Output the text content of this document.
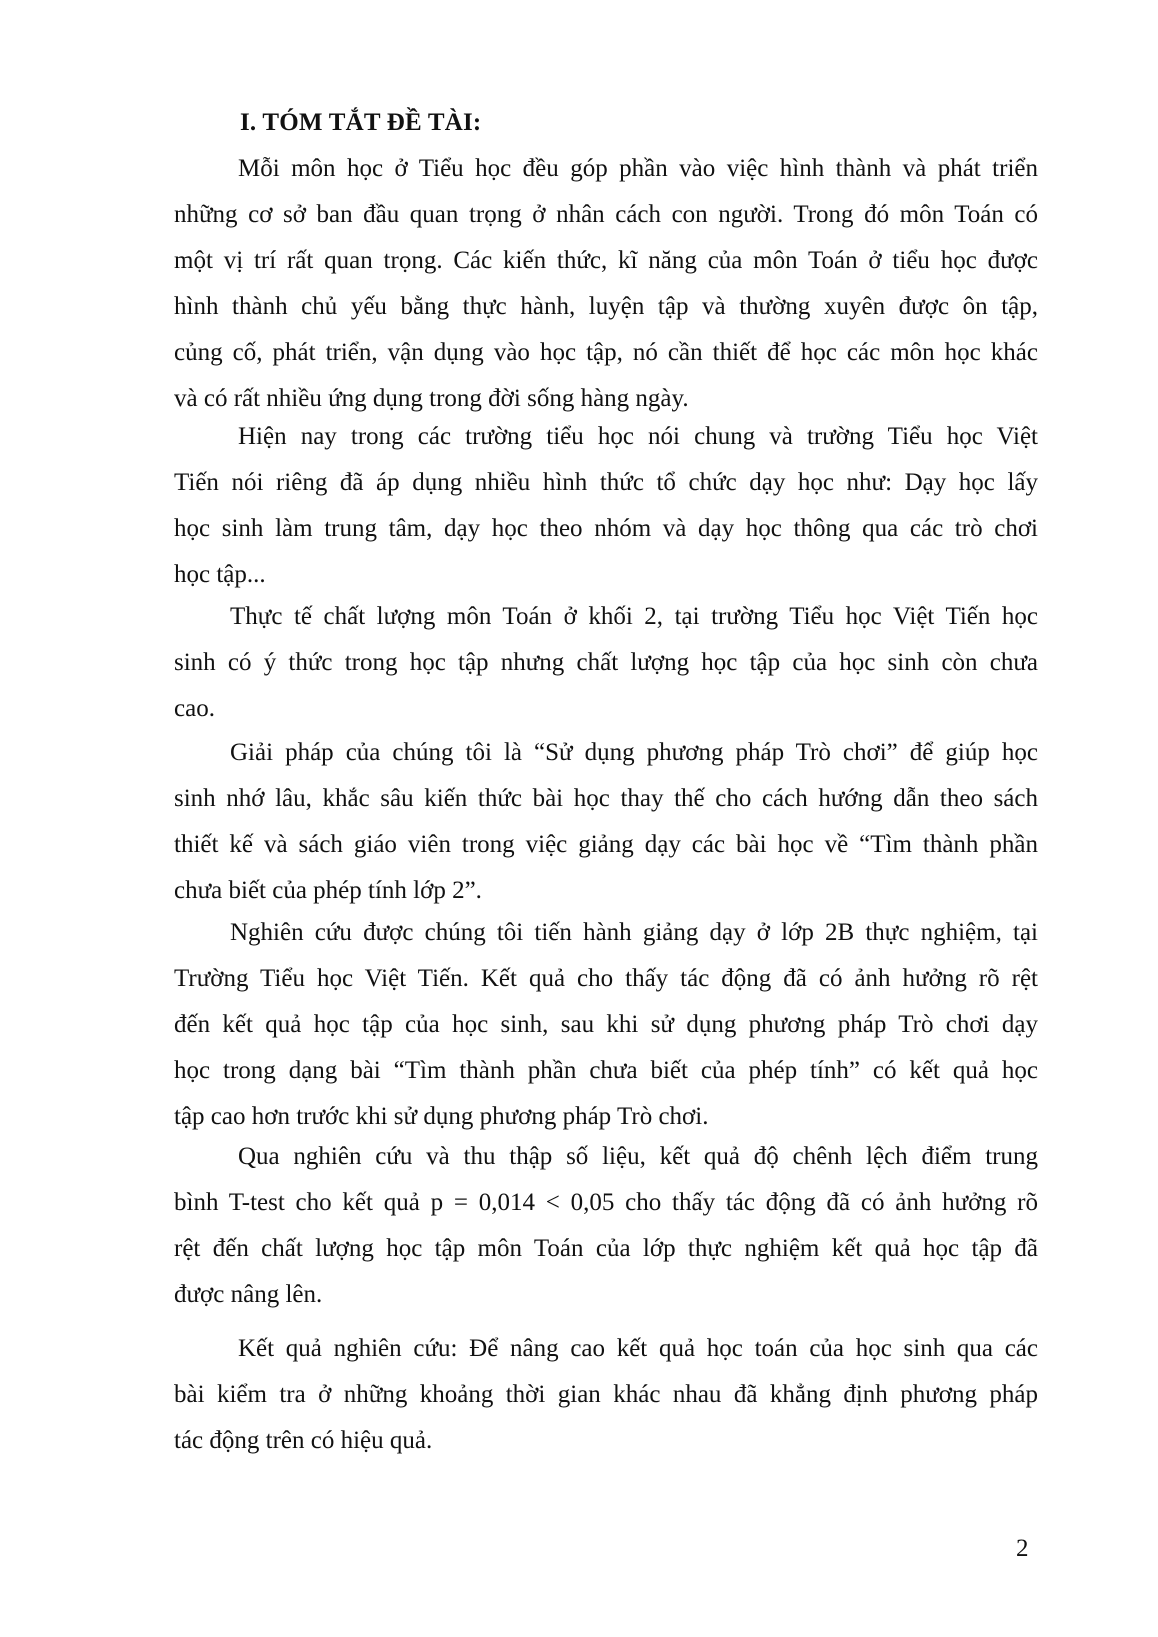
I. TÓM TẮT ĐỀ TÀI:

Mỗi môn học ở Tiểu học đều góp phần vào việc hình thành và phát triển
những cơ sở ban đầu quan trọng ở nhân cách con người. Trong đó môn Toán có
một vị trí rất quan trọng. Các kiến thức, kĩ năng của môn Toán ở tiểu học được
hình thành chủ yếu bằng thực hành, luyện tập và thường xuyên được ôn tập,
củng cố, phát triển, vận dụng vào học tập, nó cần thiết để học các môn học khác
và có rất nhiều ứng dụng trong đời sống hàng ngày.

Hiện nay trong các trường tiểu học nói chung và trường Tiểu học Việt
Tiến nói riêng đã áp dụng nhiều hình thức tổ chức dạy học như: Dạy học lấy
học sinh làm trung tâm, dạy học theo nhóm và dạy học thông qua các trò chơi
học tập...

Thực tế chất lượng môn Toán ở khối 2, tại trường Tiểu học Việt Tiến học
sinh có ý thức trong học tập nhưng chất lượng học tập của học sinh còn chưa
cao.

Giải pháp của chúng tôi là “Sử dụng phương pháp Trò chơi” để giúp học
sinh nhớ lâu, khắc sâu kiến thức bài học thay thế cho cách hướng dẫn theo sách
thiết kế và sách giáo viên trong việc giảng dạy các bài học về “Tìm thành phần
chưa biết của phép tính lớp 2”.

Nghiên cứu được chúng tôi tiến hành giảng dạy ở lớp 2B thực nghiệm, tại
Trường Tiểu học Việt Tiến. Kết quả cho thấy tác động đã có ảnh hưởng rõ rệt
đến kết quả học tập của học sinh, sau khi sử dụng phương pháp Trò chơi dạy
học trong dạng bài “Tìm thành phần chưa biết của phép tính” có kết quả học
tập cao hơn trước khi sử dụng phương pháp Trò chơi.

Qua nghiên cứu và thu thập số liệu, kết quả độ chênh lệch điểm trung
bình T-test cho kết quả p = 0,014 < 0,05 cho thấy tác động đã có ảnh hưởng rõ
rệt đến chất lượng học tập môn Toán của lớp thực nghiệm kết quả học tập đã
được nâng lên.

Kết quả nghiên cứu: Để nâng cao kết quả học toán của học sinh qua các
bài kiểm tra ở những khoảng thời gian khác nhau đã khẳng định phương pháp
tác động trên có hiệu quả.

2
